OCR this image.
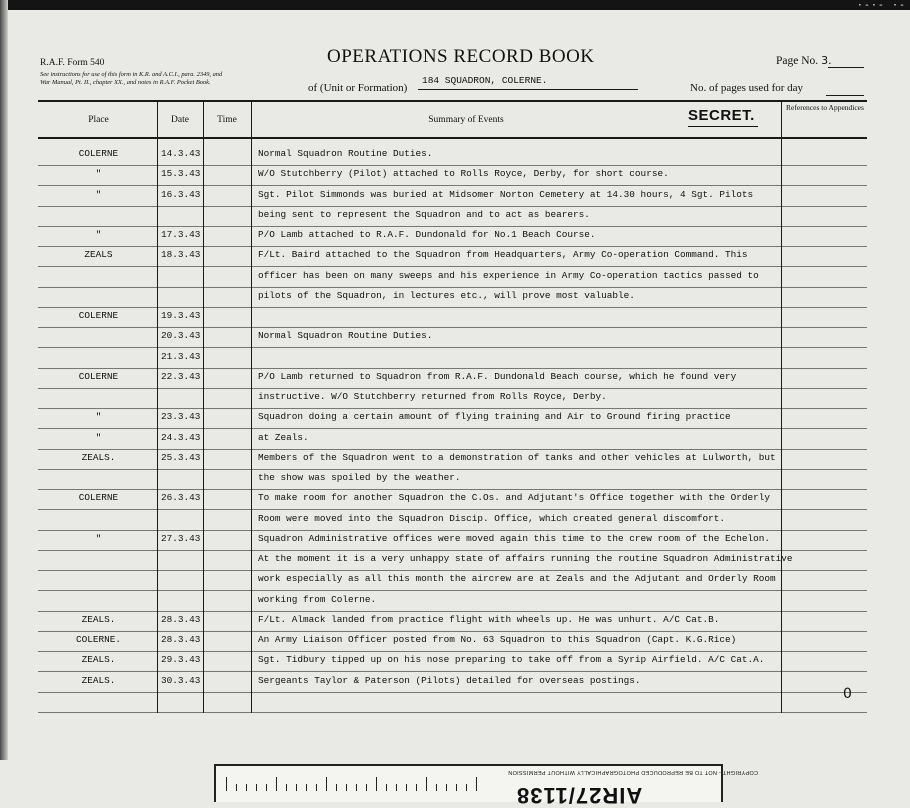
·-·- ·-
R.A.F. Form 540
See instructions for use of this form in K.R. and A.C.I., para. 2349, and War Manual, Pt. II., chapter XX., and notes in R.A.F. Pocket Book.
OPERATIONS RECORD BOOK	Page No. 3.
of (Unit or Formation)
184 SQUADRON, COLERNE.
No. of pages used for day
Place	Date	Time	Summary of Events	SECRET.	References to Appendices
COLERNE	14.3.43	Normal Squadron Routine Duties.
"	15.3.43	W/O Stutchberry (Pilot) attached to Rolls Royce, Derby, for short course.
"	16.3.43	Sgt. Pilot Simmonds was buried at Midsomer Norton Cemetery at 14.30 hours, 4 Sgt. Pilots
being sent to represent the Squadron and to act as bearers.
"	17.3.43	P/O Lamb attached to R.A.F. Dundonald for No.1 Beach Course.
ZEALS	18.3.43	F/Lt. Baird attached to the Squadron from Headquarters, Army Co-operation Command. This
officer has been on many sweeps and his experience in Army Co-operation tactics passed to
pilots of the Squadron, in lectures etc., will prove most valuable.
COLERNE	19.3.43
20.3.43	Normal Squadron Routine Duties.
21.3.43
COLERNE	22.3.43	P/O Lamb returned to Squadron from R.A.F. Dundonald Beach course, which he found very
instructive. W/O Stutchberry returned from Rolls Royce, Derby.
"	23.3.43	Squadron doing a certain amount of flying training and Air to Ground firing practice
"	24.3.43	at Zeals.
ZEALS.	25.3.43	Members of the Squadron went to a demonstration of tanks and other vehicles at Lulworth, but
the show was spoiled by the weather.
COLERNE	26.3.43	To make room for another Squadron the C.Os. and Adjutant's Office together with the Orderly
Room were moved into the Squadron Discip. Office, which created general discomfort.
"	27.3.43	Squadron Administrative offices were moved again this time to the crew room of the Echelon.
At the moment it is a very unhappy state of affairs running the routine Squadron Administrative
work especially as all this month the aircrew are at Zeals and the Adjutant and Orderly Room
working from Colerne.
ZEALS.	28.3.43	F/Lt. Almack landed from practice flight with wheels up. He was unhurt. A/C Cat.B.
COLERNE.	28.3.43	An Army Liaison Officer posted from No. 63 Squadron to this Squadron (Capt. K.G.Rice)
ZEALS.	29.3.43	Sgt. Tidbury tipped up on his nose preparing to take off from a Syrip Airfield. A/C Cat.A.
ZEALS.	30.3.43	Sergeants Taylor & Paterson (Pilots) detailed for overseas postings.
0
COPYRIGHT - NOT TO BE REPRODUCED PHOTOGRAPHICALLY WITHOUT PERMISSION
AIR27/1138
